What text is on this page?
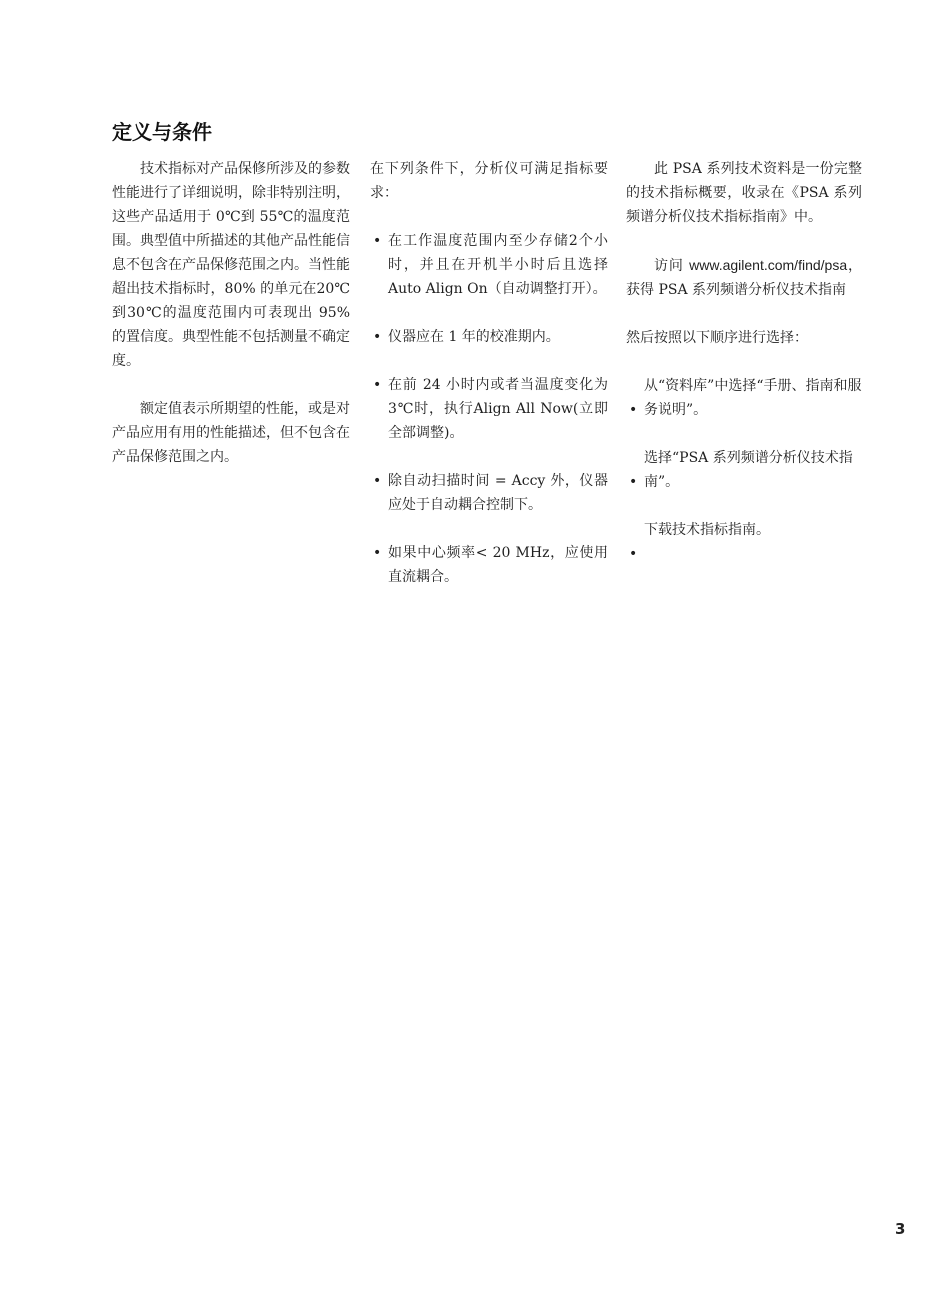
定义与条件

技术指标对产品保修所涉及的参数性能进行了详细说明，除非特别注明，这些产品适用于 0℃到 55℃的温度范围。典型值中所描述的其他产品性能信息不包含在产品保修范围之内。当性能超出技术指标时，80% 的单元在20℃到30℃的温度范围内可表现出 95% 的置信度。典型性能不包括测量不确定度。

额定值表示所期望的性能，或是对产品应用有用的性能描述，但不包含在产品保修范围之内。

在下列条件下，分析仪可满足指标要求：

• 在工作温度范围内至少存储2个小时，并且在开机半小时后且选择 Auto Align On（自动调整打开）。
• 仪器应在 1 年的校准期内。
• 在前 24 小时内或者当温度变化为3℃时，执行Align All Now(立即全部调整)。
• 除自动扫描时间 = Accy 外，仪器应处于自动耦合控制下。
• 如果中心频率< 20 MHz，应使用直流耦合。

此 PSA 系列技术资料是一份完整的技术指标概要，收录在《PSA 系列频谱分析仪技术指标指南》中。

访问 www.agilent.com/find/psa，获得 PSA 系列频谱分析仪技术指南

然后按照以下顺序进行选择：

•
从“资料库”中选择“手册、指南和服务说明”。
•
选择“PSA 系列频谱分析仪技术指南”。
•
下载技术指标指南。
3
